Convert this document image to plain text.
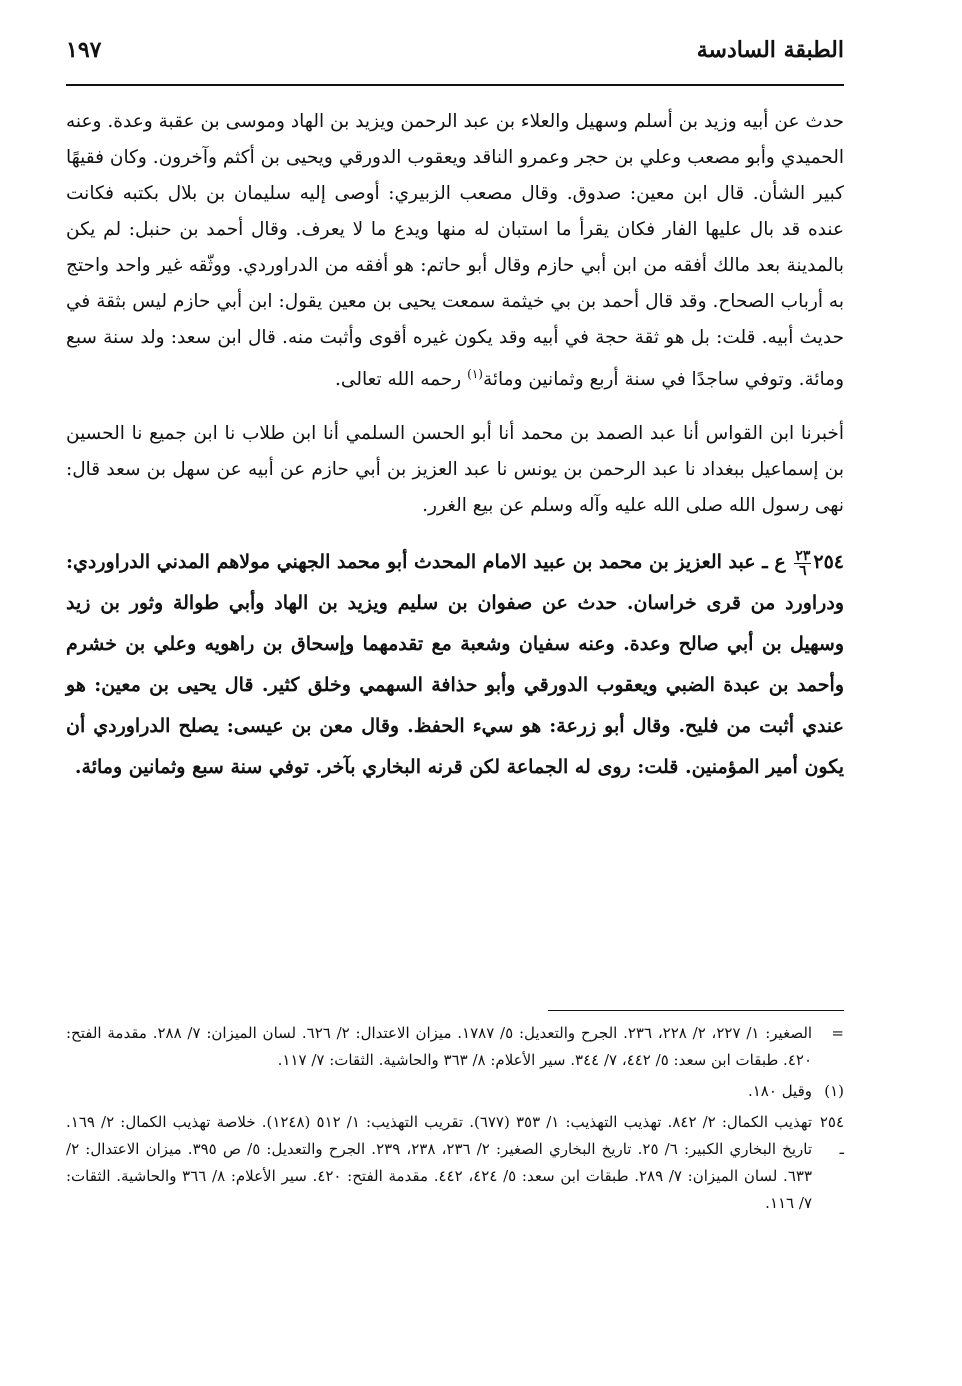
الطبقة السادسة
١٩٧

حدث عن أبيه وزيد بن أسلم وسهيل والعلاء بن عبد الرحمن ويزيد بن الهاد وموسى بن عقبة وعدة. وعنه الحميدي وأبو مصعب وعلي بن حجر وعمرو الناقد ويعقوب الدورقي ويحيى بن أكثم وآخرون. وكان فقيهًا كبير الشأن. قال ابن معين: صدوق. وقال مصعب الزبيري: أوصى إليه سليمان بن بلال بكتبه فكانت عنده قد بال عليها الفار فكان يقرأ ما استبان له منها ويدع ما لا يعرف. وقال أحمد بن حنبل: لم يكن بالمدينة بعد مالك أفقه من ابن أبي حازم وقال أبو حاتم: هو أفقه من الدراوردي. ووثّقه غير واحد واحتج به أرباب الصحاح. وقد قال أحمد بن بي خيثمة سمعت يحيى بن معين يقول: ابن أبي حازم ليس بثقة في حديث أبيه. قلت: بل هو ثقة حجة في أبيه وقد يكون غيره أقوى وأثبت منه. قال ابن سعد: ولد سنة سبع ومائة. وتوفي ساجدًا في سنة أربع وثمانين ومائة$^{(١)}$ رحمه الله تعالى.

أخبرنا ابن القواس أنا عبد الصمد بن محمد أنا أبو الحسن السلمي أنا ابن طلاب نا ابن جميع نا الحسين بن إسماعيل ببغداد نا عبد الرحمن بن يونس نا عبد العزيز بن أبي حازم عن أبيه عن سهل بن سعد قال: نهى رسول الله صلى الله عليه وآله وسلم عن بيع الغرر.

٢٥٤
$\frac{٢٣}{٦}$
ع ـ عبد العزيز بن محمد بن عبيد الامام المحدث أبو محمد الجهني مولاهم المدني الدراوردي: ودراورد من قرى خراسان. حدث عن صفوان بن سليم ويزيد بن الهاد وأبي طوالة وثور بن زيد وسهيل بن أبي صالح وعدة. وعنه سفيان وشعبة مع تقدمهما وإسحاق بن راهويه وعلي بن خشرم وأحمد بن عبدة الضبي ويعقوب الدورقي وأبو حذافة السهمي وخلق كثير. قال يحيى بن معين: هو عندي أثبت من فليح. وقال أبو زرعة: هو سيء الحفظ. وقال معن بن عيسى: يصلح الدراوردي أن يكون أمير المؤمنين. قلت: روى له الجماعة لكن قرنه البخاري بآخر. توفي سنة سبع وثمانين ومائة.

=
الصغير: ١/ ٢٢٧، ٢/ ٢٢٨، ٢٣٦. الجرح والتعديل: ٥/ ١٧٨٧. ميزان الاعتدال: ٢/ ٦٢٦. لسان الميزان: ٧/ ٢٨٨. مقدمة الفتح: ٤٢٠. طبقات ابن سعد: ٥/ ٤٤٢، ٧/ ٣٤٤. سير الأعلام: ٨/ ٣٦٣ والحاشية. الثقات: ٧/ ١١٧.
(١)
وقيل ١٨٠.
٢٥٤ ـ
تهذيب الكمال: ٢/ ٨٤٢. تهذيب التهذيب: ١/ ٣٥٣ (٦٧٧). تقريب التهذيب: ١/ ٥١٢ (١٢٤٨). خلاصة تهذيب الكمال: ٢/ ١٦٩. تاريخ البخاري الكبير: ٦/ ٢٥. تاريخ البخاري الصغير: ٢/ ٢٣٦، ٢٣٨، ٢٣٩. الجرح والتعديل: ٥/ ص ٣٩٥. ميزان الاعتدال: ٢/ ٦٣٣. لسان الميزان: ٧/ ٢٨٩. طبقات ابن سعد: ٥/ ٤٢٤، ٤٤٢. مقدمة الفتح: ٤٢٠. سير الأعلام: ٨/ ٣٦٦ والحاشية. الثقات: ٧/ ١١٦.
